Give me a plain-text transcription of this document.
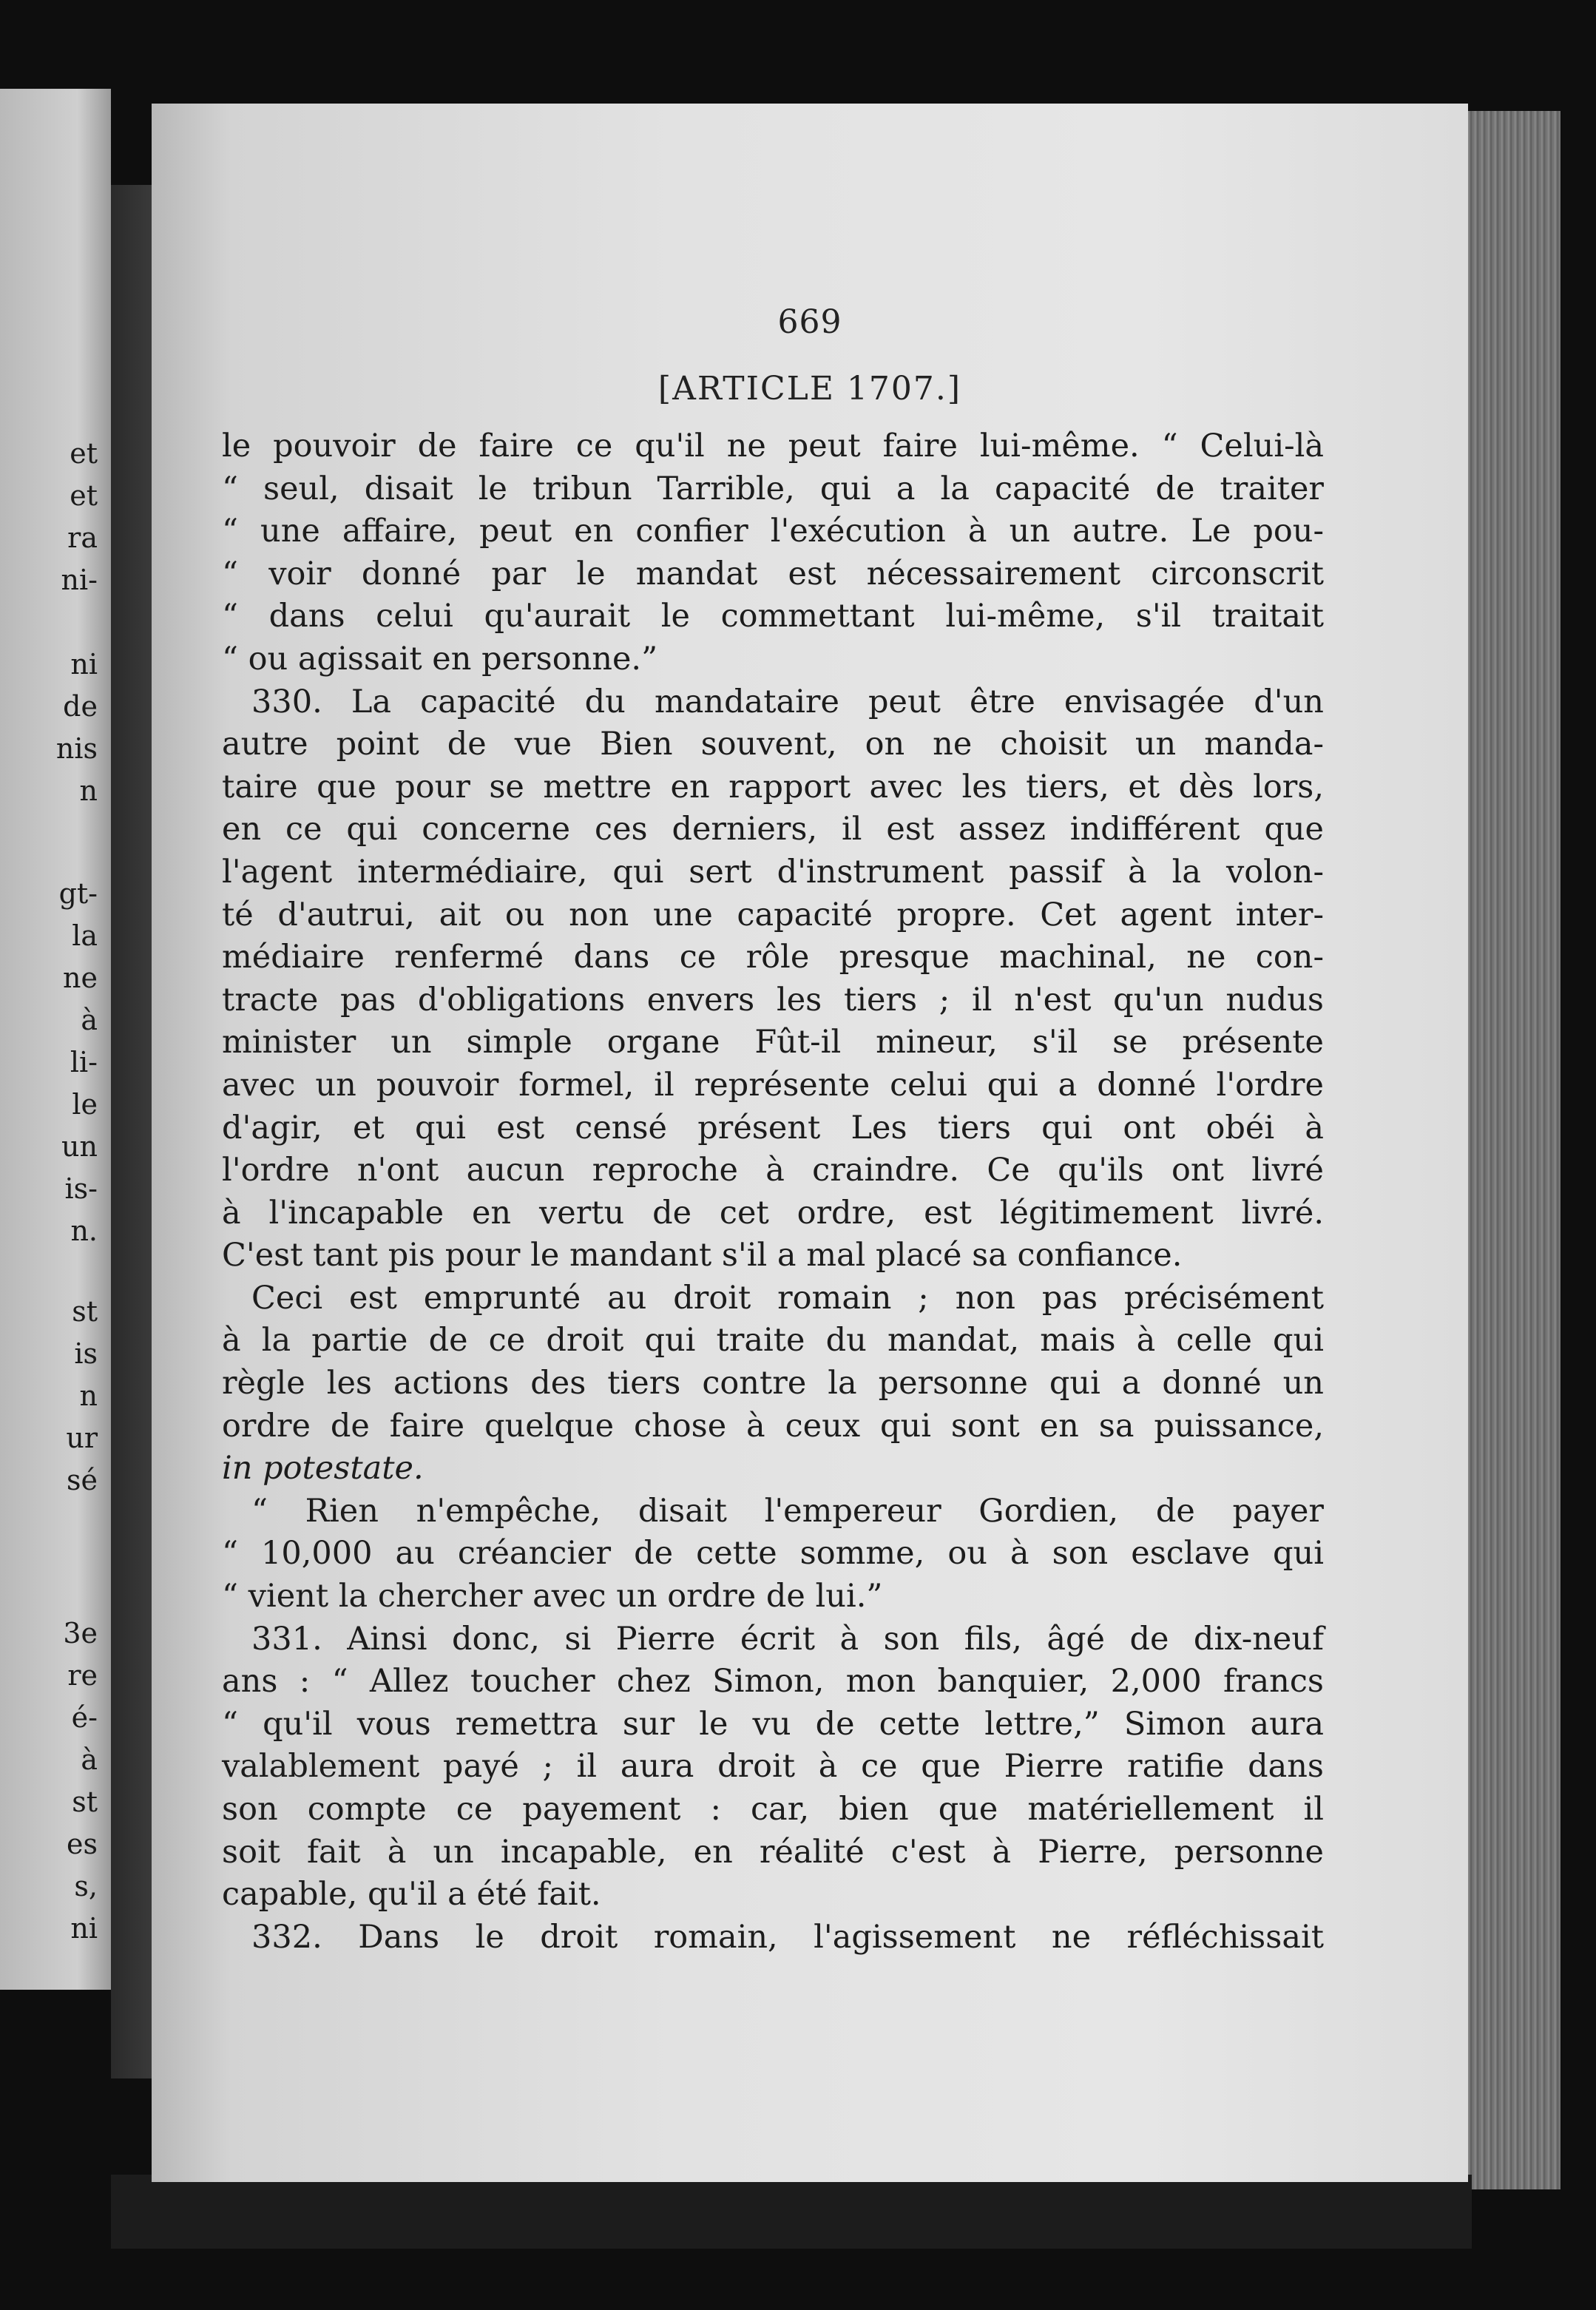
et
et
ra
ni-
ni
de
nis
n
gt-
la
ne
à
li-
le
un
is-
n.
st
is
n
ur
sé
3e
re
é-
à
st
es
s,
ni
669
[ARTICLE 1707.]
le pouvoir de faire ce qu'il ne peut faire lui-même. “ Celui-là
“ seul, disait le tribun Tarrible, qui a la capacité de traiter
“ une affaire, peut en confier l'exécution à un autre. Le pou-
“ voir donné par le mandat est nécessairement circonscrit
“ dans celui qu'aurait le commettant lui-même, s'il traitait
“ ou agissait en personne.”
330. La capacité du mandataire peut être envisagée d'un
autre point de vue Bien souvent, on ne choisit un manda-
taire que pour se mettre en rapport avec les tiers, et dès lors,
en ce qui concerne ces derniers, il est assez indifférent que
l'agent intermédiaire, qui sert d'instrument passif à la volon-
té d'autrui, ait ou non une capacité propre. Cet agent inter-
médiaire renfermé dans ce rôle presque machinal, ne con-
tracte pas d'obligations envers les tiers ; il n'est qu'un nudus
minister un simple organe Fût-il mineur, s'il se présente
avec un pouvoir formel, il représente celui qui a donné l'ordre
d'agir, et qui est censé présent Les tiers qui ont obéi à
l'ordre n'ont aucun reproche à craindre. Ce qu'ils ont livré
à l'incapable en vertu de cet ordre, est légitimement livré.
C'est tant pis pour le mandant s'il a mal placé sa confiance.
Ceci est emprunté au droit romain ; non pas précisément
à la partie de ce droit qui traite du mandat, mais à celle qui
règle les actions des tiers contre la personne qui a donné un
ordre de faire quelque chose à ceux qui sont en sa puissance,
in potestate.
“ Rien n'empêche, disait l'empereur Gordien, de payer
“ 10,000 au créancier de cette somme, ou à son esclave qui
“ vient la chercher avec un ordre de lui.”
331. Ainsi donc, si Pierre écrit à son fils, âgé de dix-neuf
ans : “ Allez toucher chez Simon, mon banquier, 2,000 francs
“ qu'il vous remettra sur le vu de cette lettre,” Simon aura
valablement payé ; il aura droit à ce que Pierre ratifie dans
son compte ce payement : car, bien que matériellement il
soit fait à un incapable, en réalité c'est à Pierre, personne
capable, qu'il a été fait.
332. Dans le droit romain, l'agissement ne réfléchissait
